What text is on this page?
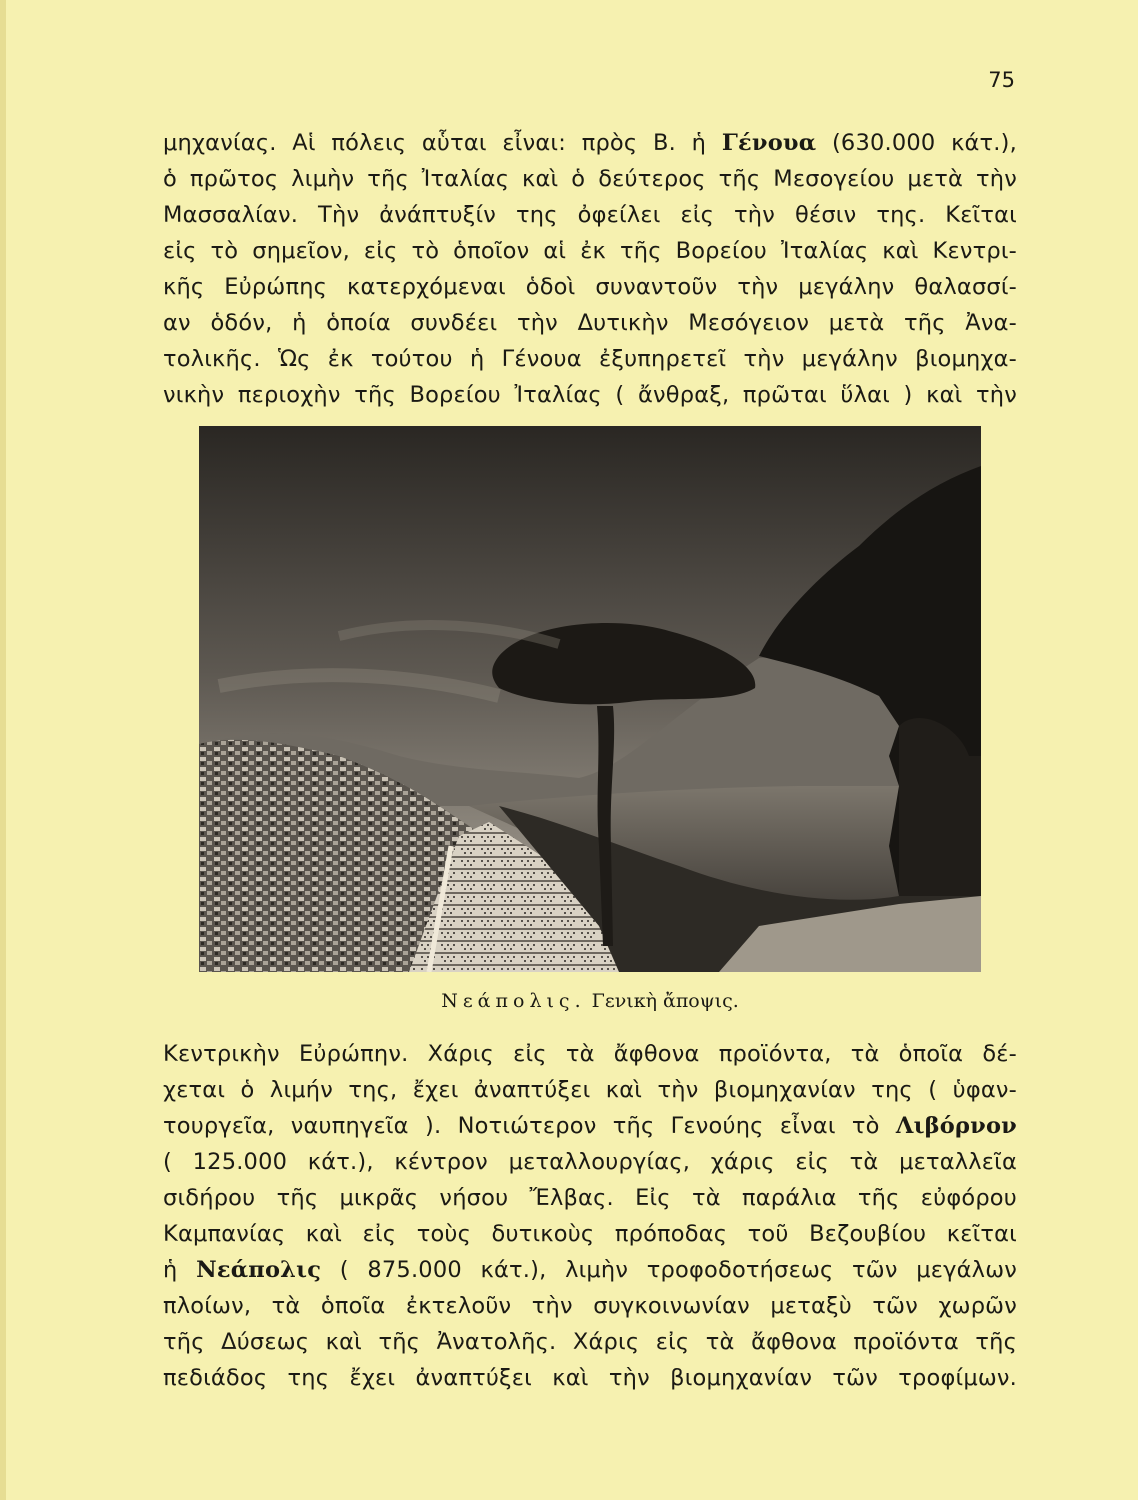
75
μηχανίας. Αἱ πόλεις αὗται εἶναι: πρὸς Β. ἡ Γένουα (630.000 κάτ.),
ὁ πρῶτος λιμὴν τῆς Ἰταλίας καὶ ὁ δεύτερος τῆς Μεσογείου μετὰ τὴν
Μασσαλίαν. Τὴν ἀνάπτυξίν της ὀφείλει εἰς τὴν θέσιν της. Κεῖται
εἰς τὸ σημεῖον, εἰς τὸ ὁποῖον αἱ ἐκ τῆς Βορείου Ἰταλίας καὶ Κεντρι-
κῆς Εὐρώπης κατερχόμεναι ὁδοὶ συναντοῦν τὴν μεγάλην θαλασσί-
αν ὁδόν, ἡ ὁποία συνδέει τὴν Δυτικὴν Μεσόγειον μετὰ τῆς Ἀνα-
τολικῆς. Ὡς ἐκ τούτου ἡ Γένουα ἐξυπηρετεῖ τὴν μεγάλην βιομηχα-
νικὴν περιοχὴν τῆς Βορείου Ἰταλίας ( ἄνθραξ, πρῶται ὕλαι ) καὶ τὴν
Νεάπολις. Γενικὴ ἄποψις.
Κεντρικὴν Εὐρώπην. Χάρις εἰς τὰ ἄφθονα προϊόντα, τὰ ὁποῖα δέ-
χεται ὁ λιμήν της, ἔχει ἀναπτύξει καὶ τὴν βιομηχανίαν της ( ὑφαν-
τουργεῖα, ναυπηγεῖα ). Νοτιώτερον τῆς Γενούης εἶναι τὸ Λιβόρνον
( 125.000 κάτ.), κέντρον μεταλλουργίας, χάρις εἰς τὰ μεταλλεῖα
σιδήρου τῆς μικρᾶς νήσου Ἔλβας. Εἰς τὰ παράλια τῆς εὐφόρου
Καμπανίας καὶ εἰς τοὺς δυτικοὺς πρόποδας τοῦ Βεζουβίου κεῖται
ἡ Νεάπολις ( 875.000 κάτ.), λιμὴν τροφοδοτήσεως τῶν μεγάλων
πλοίων, τὰ ὁποῖα ἐκτελοῦν τὴν συγκοινωνίαν μεταξὺ τῶν χωρῶν
τῆς Δύσεως καὶ τῆς Ἀνατολῆς. Χάρις εἰς τὰ ἄφθονα προϊόντα τῆς
πεδιάδος της ἔχει ἀναπτύξει καὶ τὴν βιομηχανίαν τῶν τροφίμων.
